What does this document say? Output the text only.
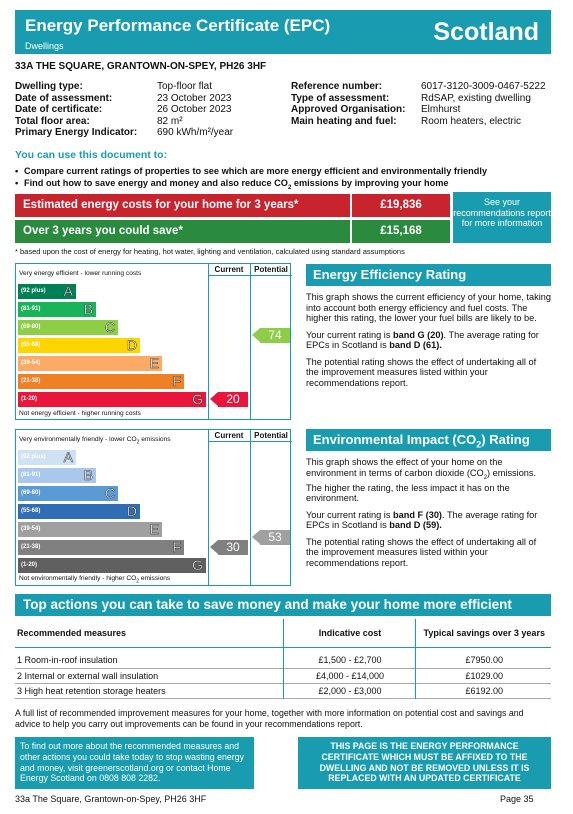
Energy Performance Certificate (EPC)
Dwellings	Scotland
33A THE SQUARE, GRANTOWN-ON-SPEY, PH26 3HF
Dwelling type:	Top-floor flat
Date of assessment:	23 October 2023
Date of certificate:	26 October 2023
Total floor area:	82 m²
Primary Energy Indicator:	690 kWh/m²/year
Reference number:	6017-3120-3009-0467-5222
Type of assessment:	RdSAP, existing dwelling
Approved Organisation:	Elmhurst
Main heating and fuel:	Room heaters, electric
You can use this document to:
• Compare current ratings of properties to see which are more energy efficient and environmentally friendly
• Find out how to save energy and money and also reduce $CO_2$ emissions by improving your home
Estimated energy costs for your home for 3 years*	£19,836
Over 3 years you could save*	£15,168
See your recommendations report for more information
* based upon the cost of energy for heating, hot water, lighting and ventilation, calculated using standard assumptions
Current	Potential
Very energy efficient - lower running costs
Not energy efficient - higher running costs
(92 plus) A
(81-91)	B
(69-80)	C
(55-68)	D
(39-54)	E
(21-38)	F
(1-20)	G	20
74
Energy Efficiency Rating

This graph shows the current efficiency of your home, taking into account both energy efficiency and fuel costs. The higher this rating, the lower your fuel bills are likely to be.

Your current rating is band G (20). The average rating for EPCs in Scotland is band D (61).

The potential rating shows the effect of undertaking all of the improvement measures listed within your recommendations report.

Current	Potential
Very environmentally friendly - lower $CO_2$ emissions
Not environmentally friendly - higher $CO_2$ emissions
(92 plus) A
(81-91)	B
(69-80)	C
(55-68)	D
(39-54)	E
(21-38)	F
(1-20)	G
30
53
Environmental Impact $(CO_2)$ Rating

This graph shows the effect of your home on the environment in terms of carbon dioxide $(CO_2)$ emissions. The higher the rating, the less impact it has on the environment.

Your current rating is band F (30). The average rating for EPCs in Scotland is band D (59).

The potential rating shows the effect of undertaking all of the improvement measures listed within your recommendations report.

Top actions you can take to save money and make your home more efficient
Recommended measures	Indicative cost	Typical savings over 3 years

1 Room-in-roof insulation	£1,500 - £2,700	£7950.00
2 Internal or external wall insulation	£4,000 - £14,000	£1029.00
3 High heat retention storage heaters	£2,000 - £3,000	£6192.00
A full list of recommended improvement measures for your home, together with more information on potential cost and savings and advice to help you carry out improvements can be found in your recommendations report.
To find out more about the recommended measures and other actions you could take today to stop wasting energy and money, visit greenerscotland.org or contact Home Energy Scotland on 0808 808 2282.
THIS PAGE IS THE ENERGY PERFORMANCE CERTIFICATE WHICH MUST BE AFFIXED TO THE DWELLING AND NOT BE REMOVED UNLESS IT IS REPLACED WITH AN UPDATED CERTIFICATE
33a The Square, Grantown-on-Spey, PH26 3HF	Page 35
